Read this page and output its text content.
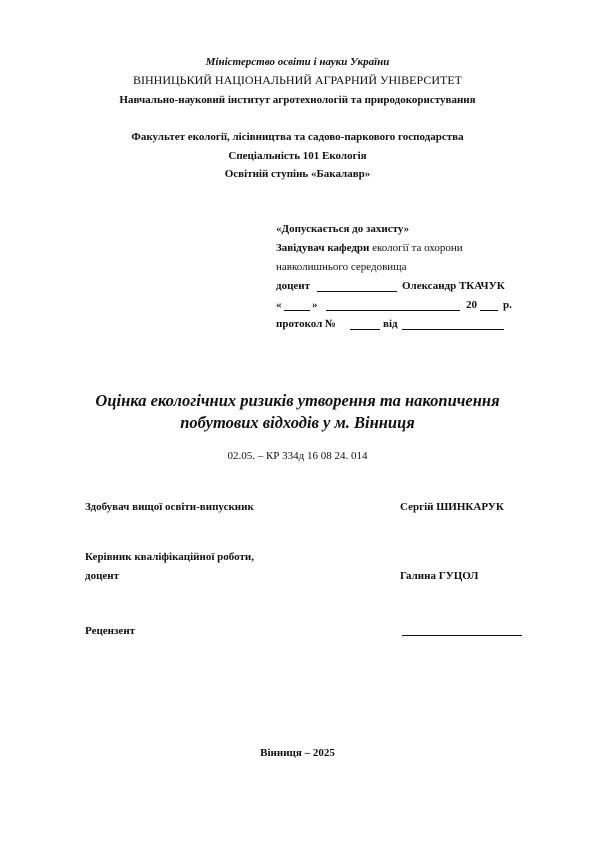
Міністерство освіти і науки України
ВІННИЦЬКИЙ НАЦІОНАЛЬНИЙ АГРАРНИЙ УНІВЕРСИТЕТ
Навчально-науковий інститут агротехнологій та природокористування
Факультет екології, лісівництва та садово-паркового господарства
Спеціальність 101 Екологія
Освітній ступінь «Бакалавр»
«Допускається до захисту»
Завідувач кафедри екології та охорони
навколишнього середовища
доцент	Олександр ТКАЧУК
«	»	20 р.
протокол №	від
Оцінка екологічних ризиків утворення та накопичення
побутових відходів у м. Вінниця
02.05. – КР 334д 16 08 24. 014
Здобувач вищої освіти-випускник	Сергій ШИНКАРУК
Керівник кваліфікаційної роботи,
доцент	Галина ГУЦОЛ
Рецензент
Вінниця – 2025
